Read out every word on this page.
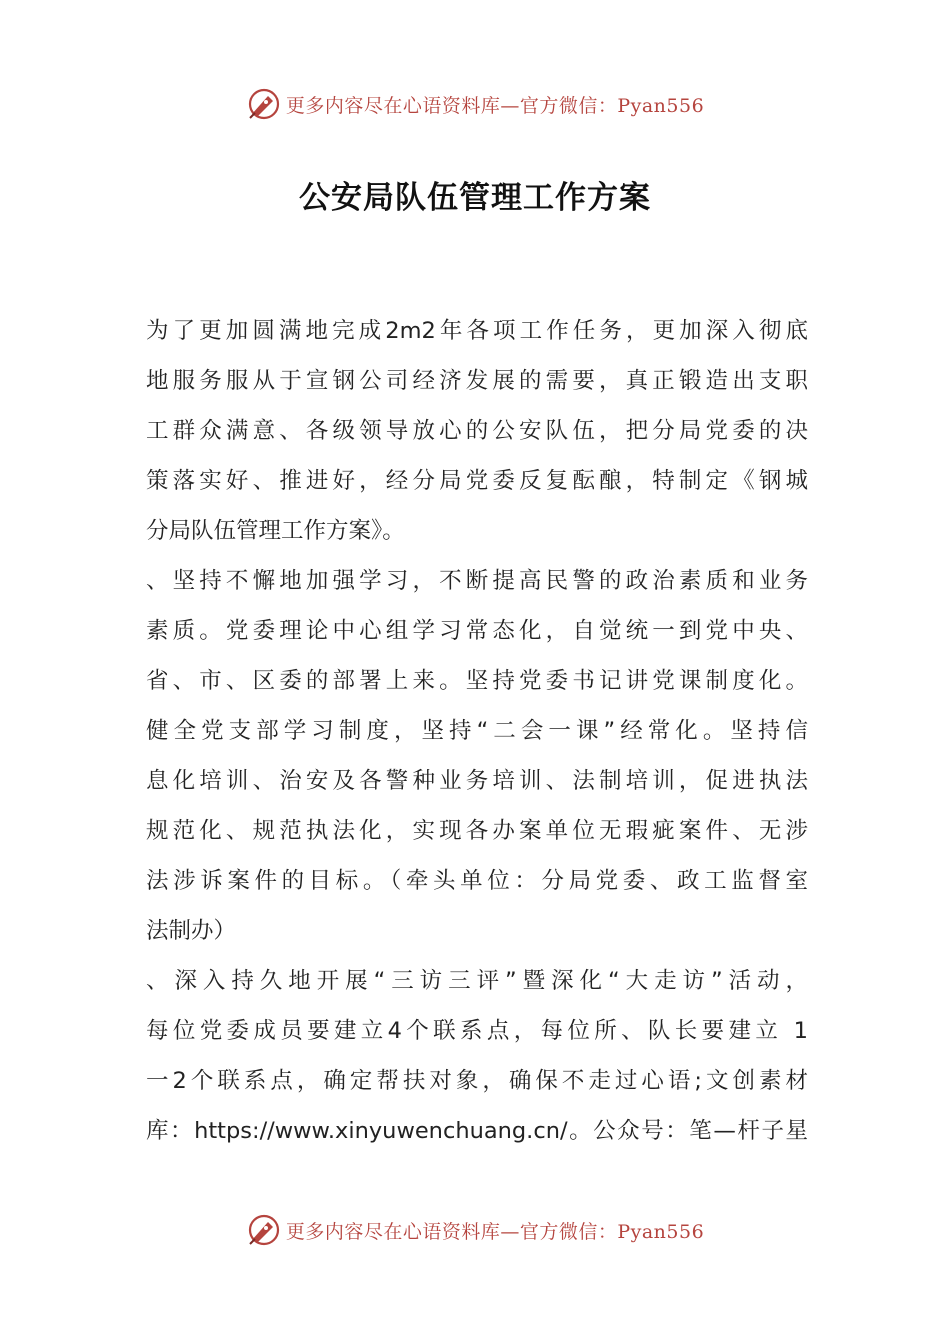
更多内容尽在心语资料库—官方微信：Pyan556
公安局队伍管理工作方案
为了更加圆满地完成2m2年各项工作任务，更加深入彻底
地服务服从于宣钢公司经济发展的需要，真正锻造出支职
工群众满意、各级领导放心的公安队伍，把分局党委的决
策落实好、推进好，经分局党委反复酝酿，特制定《钢城
分局队伍管理工作方案》。
、坚持不懈地加强学习，不断提高民警的政治素质和业务
素质。党委理论中心组学习常态化，自觉统一到党中央、
省、市、区委的部署上来。坚持党委书记讲党课制度化。
健全党支部学习制度，坚持“二会一课”经常化。坚持信
息化培训、治安及各警种业务培训、法制培训，促进执法
规范化、规范执法化，实现各办案单位无瑕疵案件、无涉
法涉诉案件的目标。（牵头单位：分局党委、政工监督室
法制办）
、深入持久地开展“三访三评”暨深化“大走访”活动，
每位党委成员要建立4个联系点，每位所、队长要建立 1
一2个联系点，确定帮扶对象，确保不走过心语;文创素材
库：https://www.xinyuwenchuang.cn/。公众号：笔—杆子星
更多内容尽在心语资料库—官方微信：Pyan556
